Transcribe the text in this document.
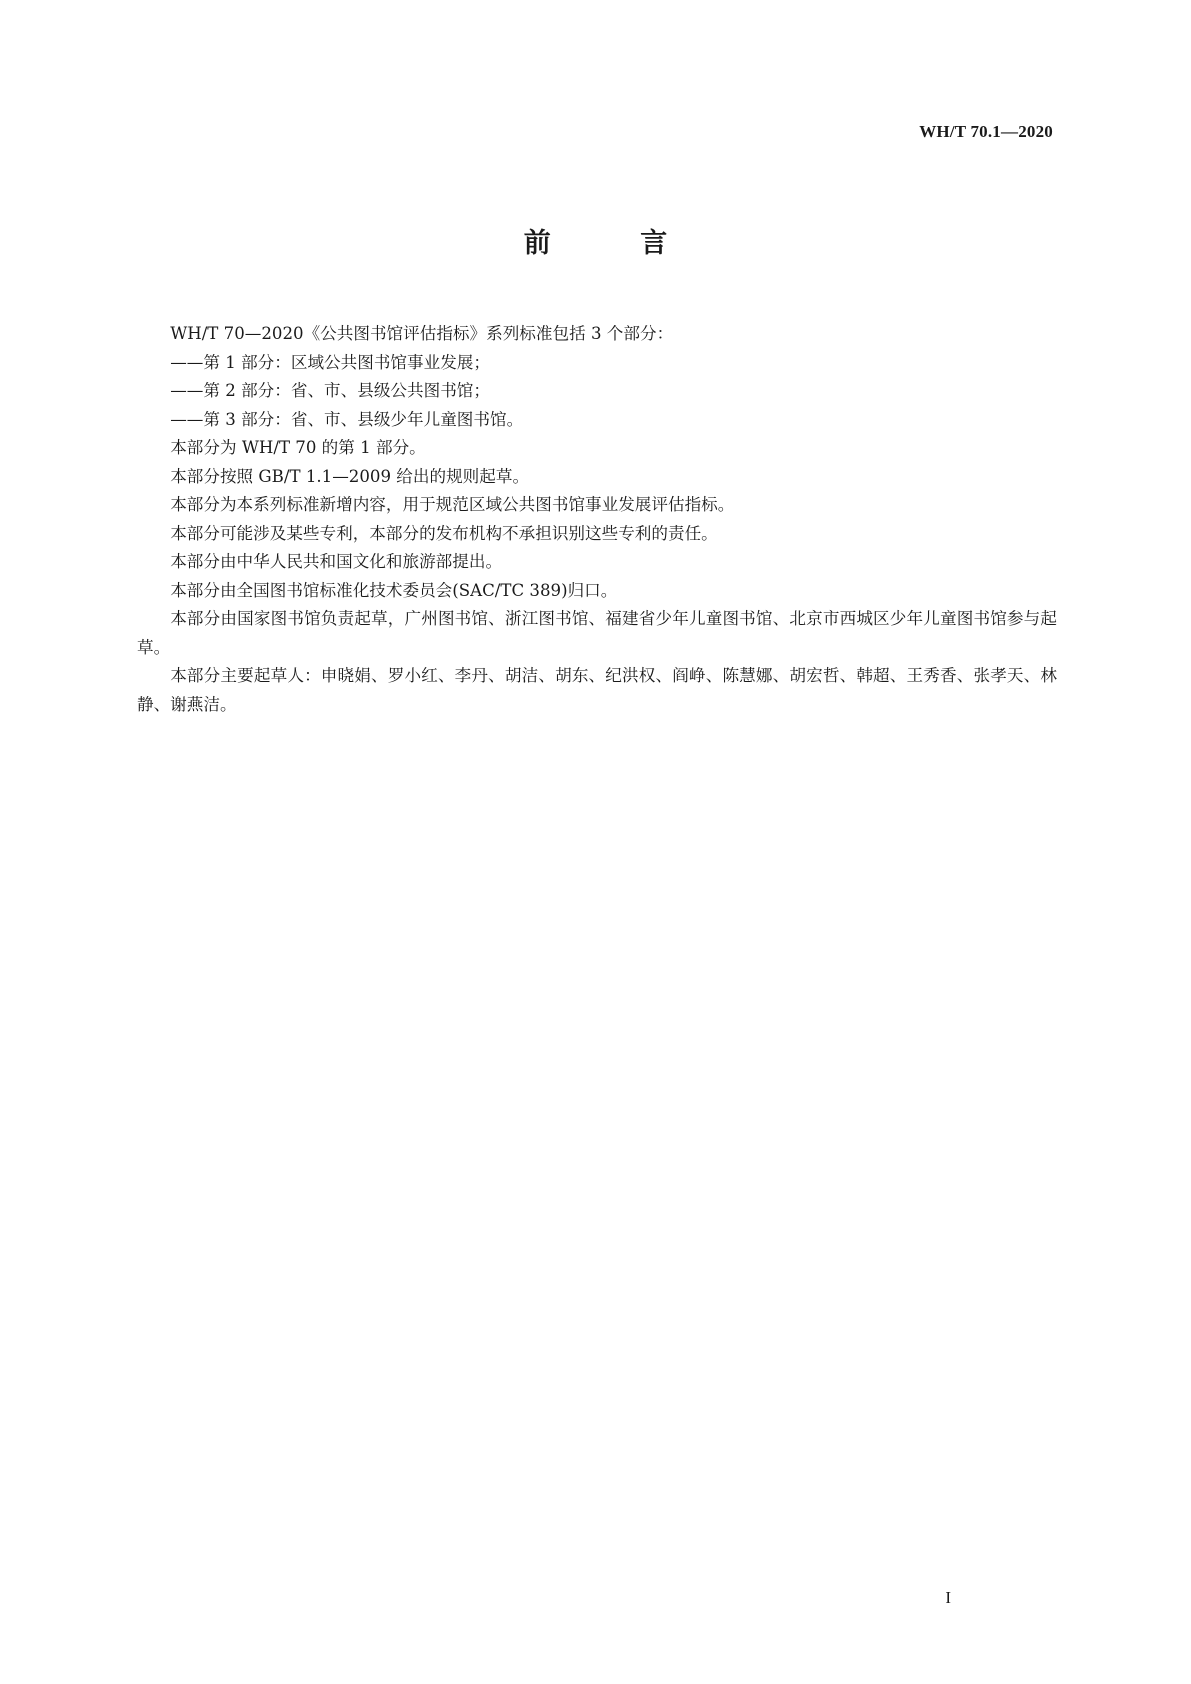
WH/T 70.1—2020
前 言

WH/T 70—2020《公共图书馆评估指标》系列标准包括 3 个部分：

——第 1 部分：区域公共图书馆事业发展；

——第 2 部分：省、市、县级公共图书馆；

——第 3 部分：省、市、县级少年儿童图书馆。

本部分为 WH/T 70 的第 1 部分。

本部分按照 GB/T 1.1—2009 给出的规则起草。

本部分为本系列标准新增内容，用于规范区域公共图书馆事业发展评估指标。

本部分可能涉及某些专利，本部分的发布机构不承担识别这些专利的责任。

本部分由中华人民共和国文化和旅游部提出。

本部分由全国图书馆标准化技术委员会(SAC/TC 389)归口。

本部分由国家图书馆负责起草，广州图书馆、浙江图书馆、福建省少年儿童图书馆、北京市西城区少年儿童图书馆参与起草。

本部分主要起草人：申晓娟、罗小红、李丹、胡洁、胡东、纪洪权、阎峥、陈慧娜、胡宏哲、韩超、王秀香、张孝天、林静、谢燕洁。

I
